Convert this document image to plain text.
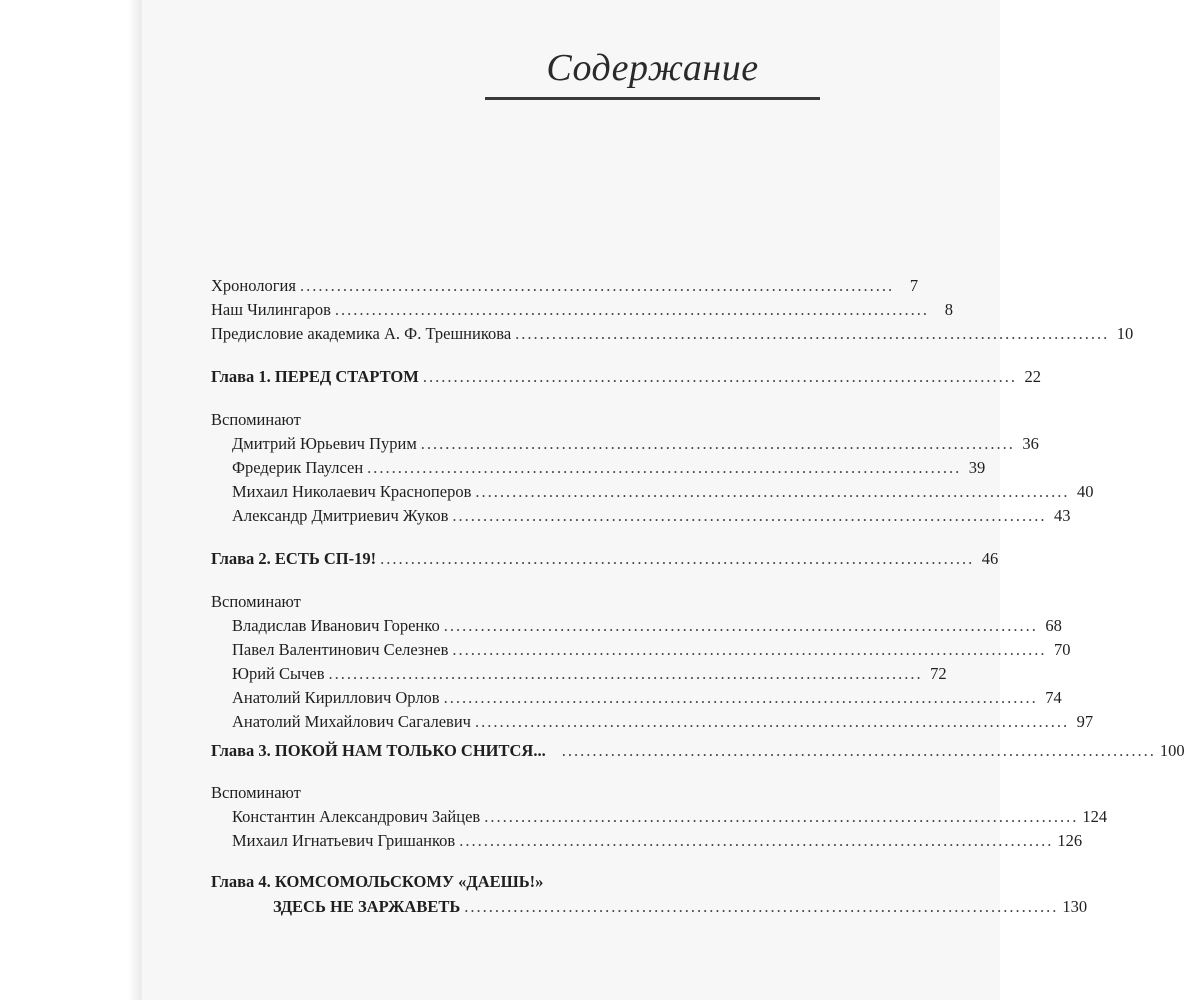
Содержание
Хронология ................................................................................................. 7
Наш Чилингаров ................................................................................................. 8
Предисловие академика А. Ф. Трешникова ................................................................................................. 10
Глава 1. ПЕРЕД СТАРТОМ ................................................................................................. 22
Вспоминают
Дмитрий Юрьевич Пурим ................................................................................................. 36
Фредерик Паулсен ................................................................................................. 39
Михаил Николаевич Красноперов ................................................................................................. 40
Александр Дмитриевич Жуков ................................................................................................. 43
Глава 2. ЕСТЬ СП-19! ................................................................................................. 46
Вспоминают
Владислав Иванович Горенко ................................................................................................. 68
Павел Валентинович Селезнев ................................................................................................. 70
Юрий Сычев ................................................................................................. 72
Анатолий Кириллович Орлов ................................................................................................. 74
Анатолий Михайлович Сагалевич ................................................................................................. 97
Глава 3. ПОКОЙ НАМ ТОЛЬКО СНИТСЯ... ................................................................................................. 100
Вспоминают
Константин Александрович Зайцев ................................................................................................. 124
Михаил Игнатьевич Гришанков ................................................................................................. 126
Глава 4. КОМСОМОЛЬСКОМУ «ДАЕШЬ!»
ЗДЕСЬ НЕ ЗАРЖАВЕТЬ ................................................................................................. 130
